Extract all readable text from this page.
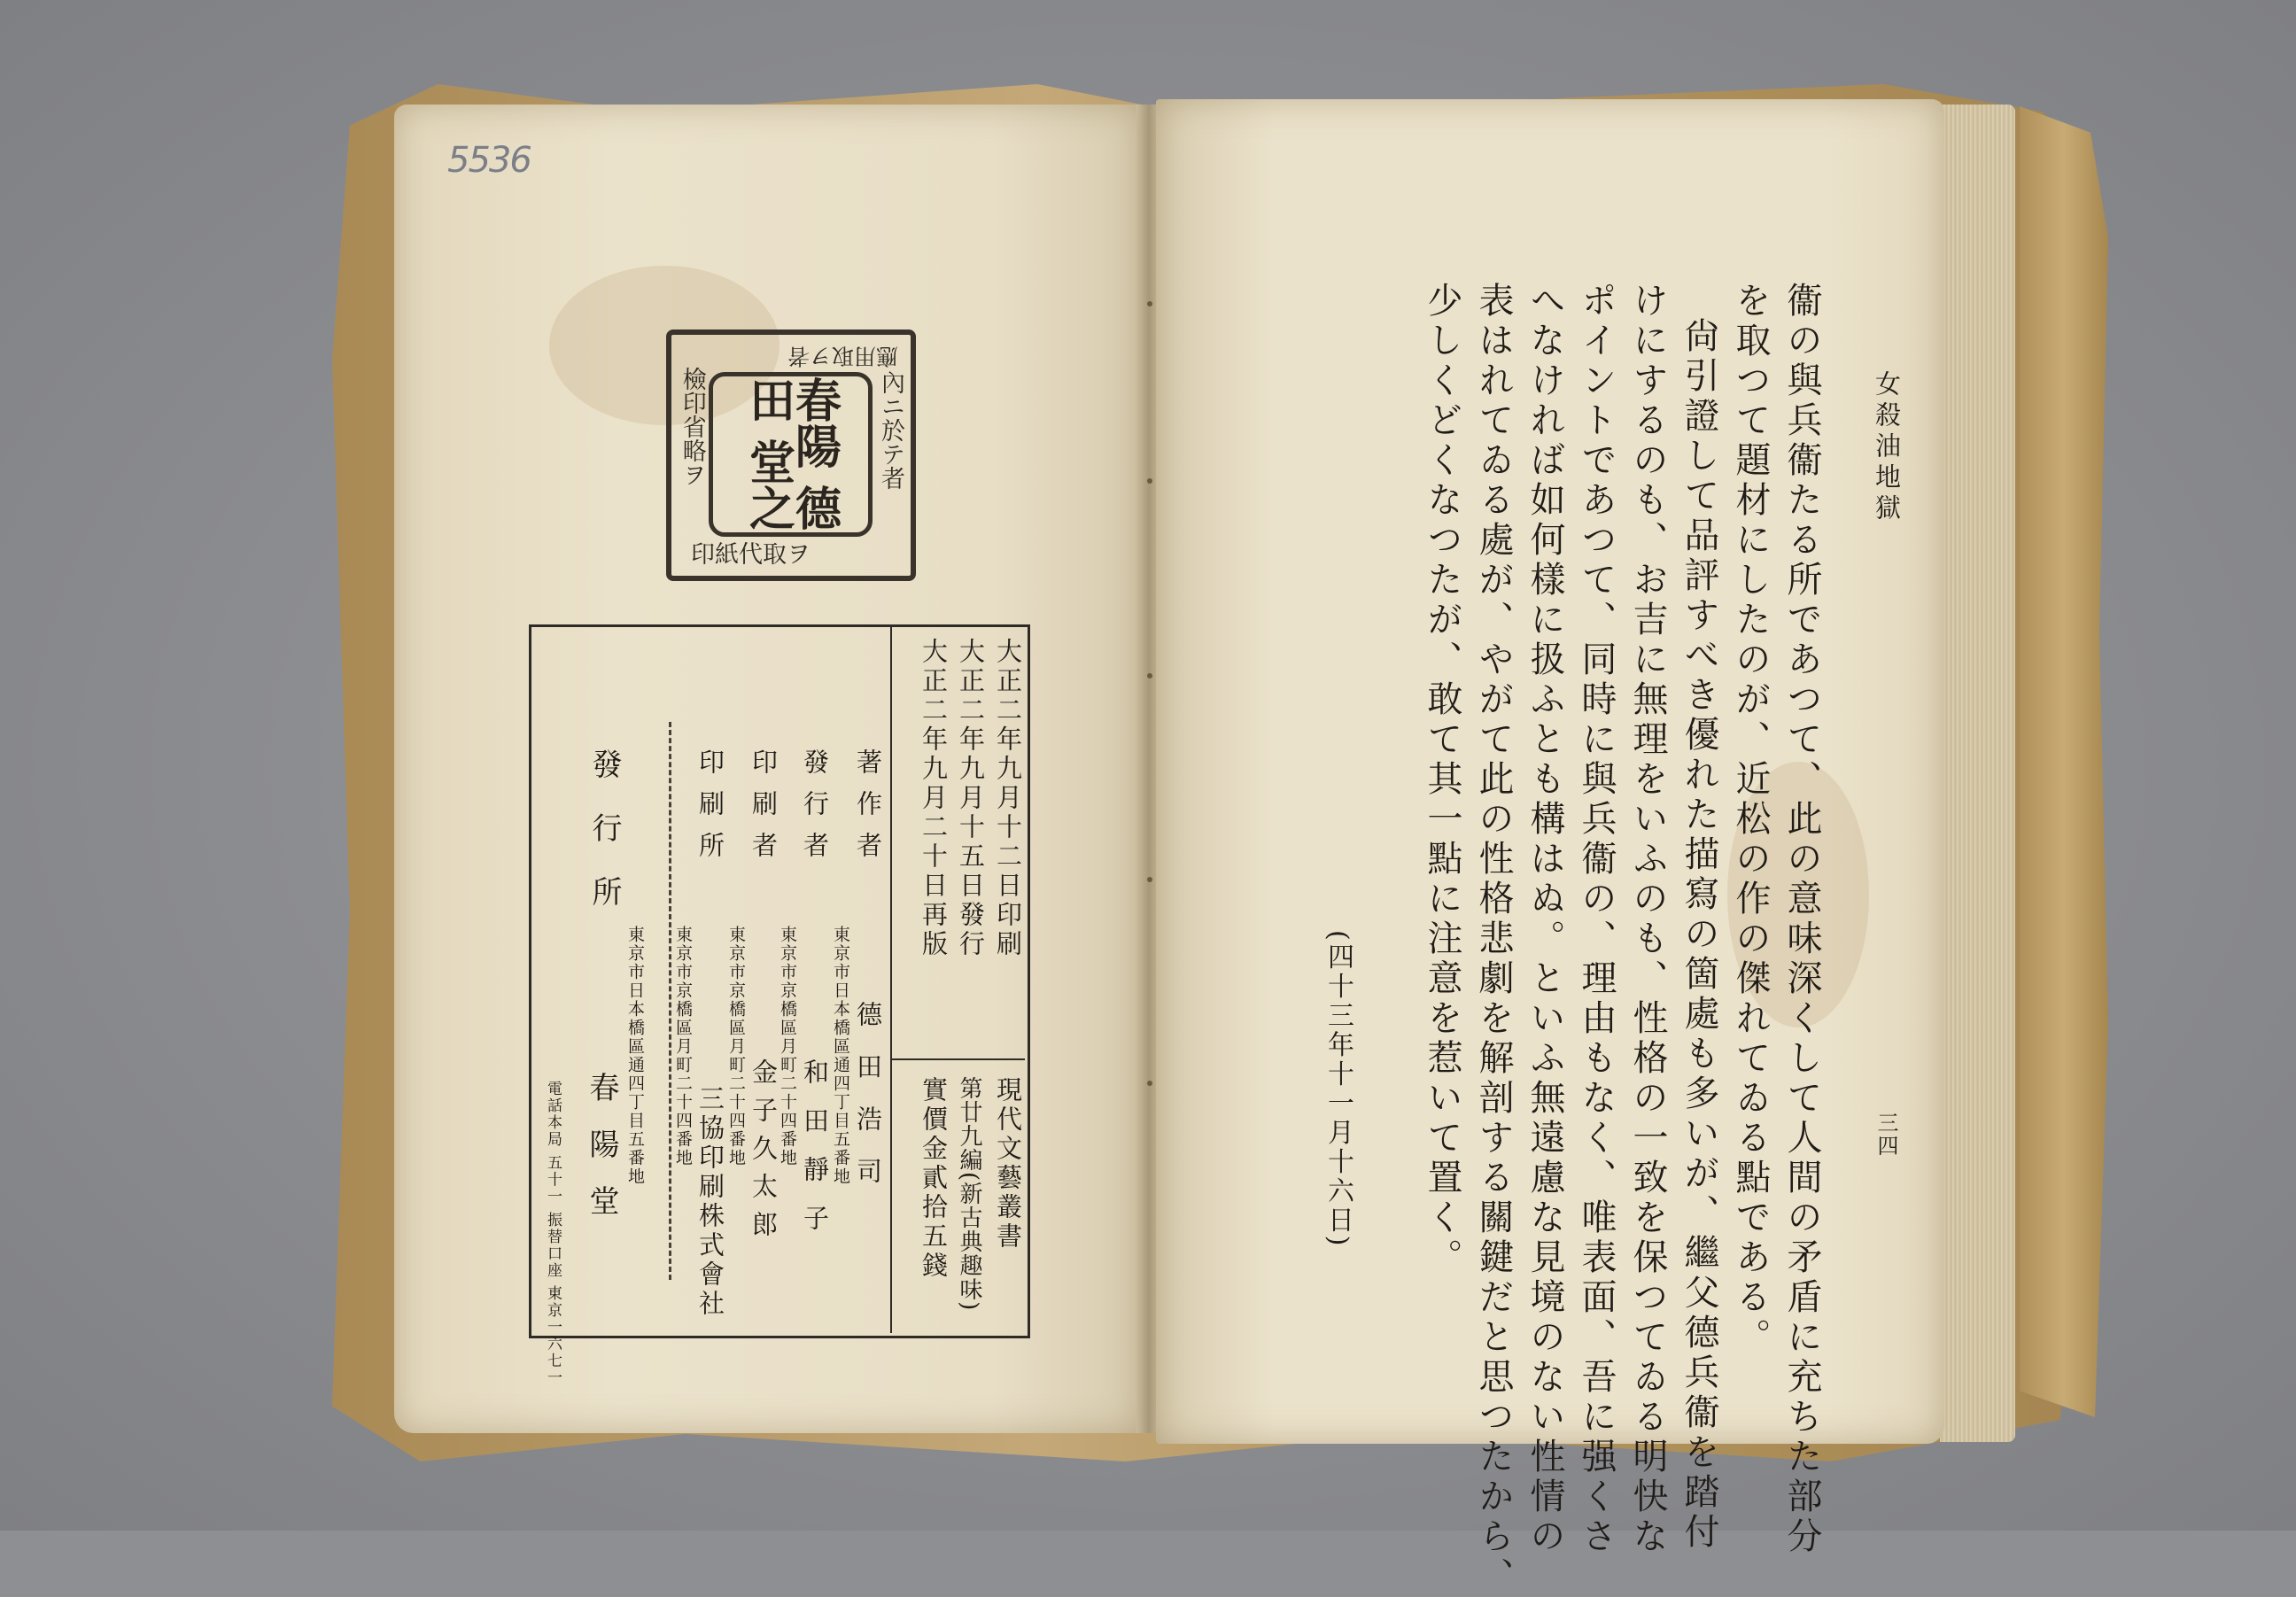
5536
應用取ヲ者
內ニ於テ者
印紙代取ヲ
檢印省略ヲ	春陽 德田 堂之
大正二年九月十二日印刷
大正二年九月十五日發行
大正二年九月二十日再版
現代文藝叢書
第廿九編(新古典趣味)
實價金貳拾五錢
著作者
東京市日本橋區通四丁目五番地 德田浩司
發行者
東京市京橋區月町二十四番地 和田靜子
印刷者
東京市京橋區月町二十四番地 金子久太郎
印刷所
東京市京橋區月町二十四番地
三協印刷株式會社
發行所
東京市日本橋區通四丁目五番地
電話本局 五十一 振替口座 東京一六七一 春陽堂
女殺油地獄
三四
衞の與兵衞たる所であつて、此の意味深くして人間の矛盾に充ちた部分
を取つて題材にしたのが、近松の作の傑れてゐる點である。
尙引證して品評すべき優れた描寫の箇處も多いが、繼父德兵衞を踏付
けにするのも、お吉に無理をいふのも、性格の一致を保つてゐる明快な
ポイントであつて、同時に與兵衞の、理由もなく、唯表面、吾に强くさ
へなければ如何樣に扱ふとも構はぬ。といふ無遠慮な見境のない性情の
表はれてゐる處が、やがて此の性格悲劇を解剖する關鍵だと思つたから、
少しくどくなつたが、敢て其一點に注意を惹いて置く。
(四十三年十一月十六日)
